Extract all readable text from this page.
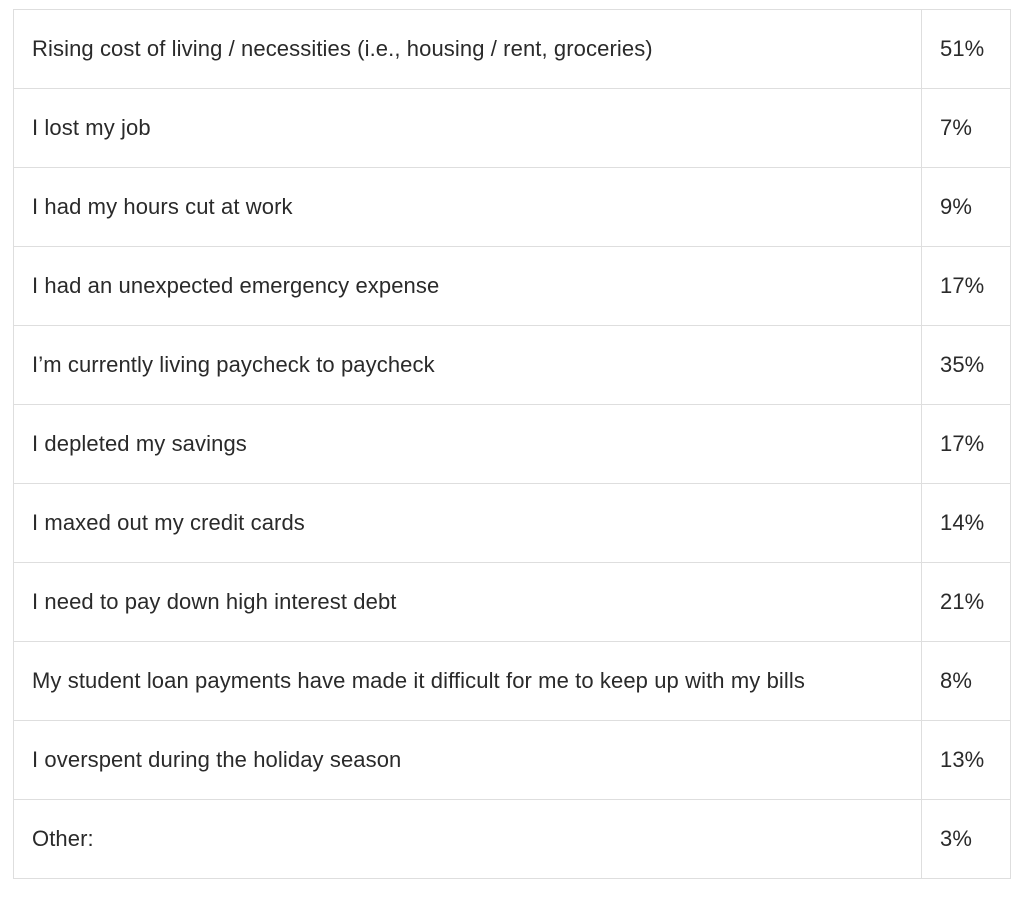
Rising cost of living / necessities (i.e., housing / rent, groceries)	51%
I lost my job	7%
I had my hours cut at work	9%
I had an unexpected emergency expense	17%
I’m currently living paycheck to paycheck	35%
I depleted my savings	17%
I maxed out my credit cards	14%
I need to pay down high interest debt	21%
My student loan payments have made it difficult for me to keep up with my bills	8%
I overspent during the holiday season	13%
Other:	3%
